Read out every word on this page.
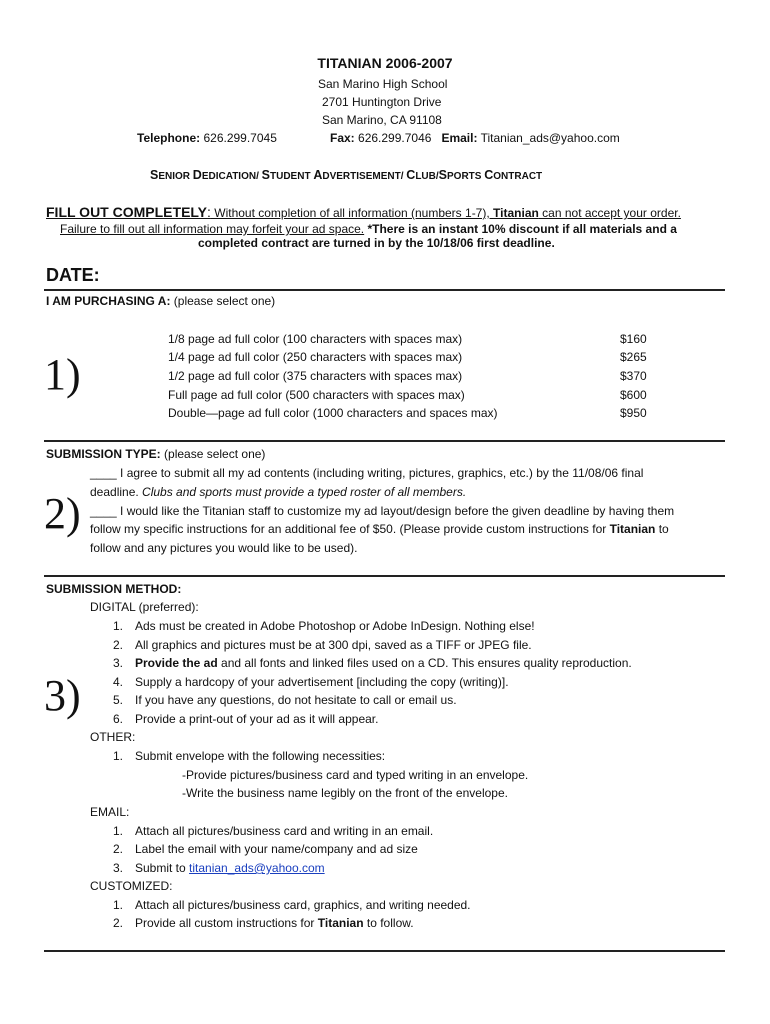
TITANIAN 2006-2007
San Marino High School
2701 Huntington Drive
San Marino, CA 91108
Telephone: 626.299.7045	Fax: 626.299.7046 Email: Titanian_ads@yahoo.com
SENIOR DEDICATION/ STUDENT ADVERTISEMENT/ CLUB/SPORTS CONTRACT
FILL OUT COMPLETELY: Without completion of all information (numbers 1-7), Titanian can not accept your order.
Failure to fill out all information may forfeit your ad space. *There is an instant 10% discount if all materials and a
completed contract are turned in by the 10/18/06 first deadline.
DATE:
I AM PURCHASING A: (please select one)
1)
1/8 page ad full color (100 characters with spaces max)	$160
1/4 page ad full color (250 characters with spaces max)	$265
1/2 page ad full color (375 characters with spaces max)	$370
Full page ad full color (500 characters with spaces max)	$600
Double—page ad full color (1000 characters and spaces max)	$950
SUBMISSION TYPE: (please select one)
2)
____ I agree to submit all my ad contents (including writing, pictures, graphics, etc.) by the 11/08/06 final
deadline. Clubs and sports must provide a typed roster of all members.
____ I would like the Titanian staff to customize my ad layout/design before the given deadline by having them
follow my specific instructions for an additional fee of $50. (Please provide custom instructions for Titanian to
follow and any pictures you would like to be used).
SUBMISSION METHOD:
3)
DIGITAL (preferred):
1. Ads must be created in Adobe Photoshop or Adobe InDesign. Nothing else!
2. All graphics and pictures must be at 300 dpi, saved as a TIFF or JPEG file.
3. Provide the ad and all fonts and linked files used on a CD. This ensures quality reproduction.
4. Supply a hardcopy of your advertisement [including the copy (writing)].
5. If you have any questions, do not hesitate to call or email us.
6. Provide a print-out of your ad as it will appear.
OTHER:
1. Submit envelope with the following necessities:
-Provide pictures/business card and typed writing in an envelope.
-Write the business name legibly on the front of the envelope.
EMAIL:
1. Attach all pictures/business card and writing in an email.
2. Label the email with your name/company and ad size
3. Submit to titanian_ads@yahoo.com
CUSTOMIZED:
1. Attach all pictures/business card, graphics, and writing needed.
2. Provide all custom instructions for Titanian to follow.
